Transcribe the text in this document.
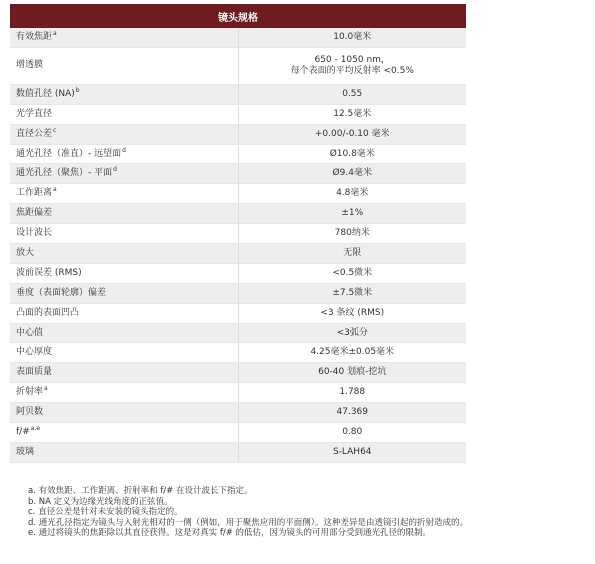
镜头规格	
有效焦距$^a$	10.0毫米

增透膜	650 - 1050 nm，
每个表面的平均反射率 <0.5%

数值孔径 (NA)$^b$	0.55

光学直径	12.5毫米

直径公差$^c$	+0.00/-0.10 毫米

通光孔径（准直）- 远望面$^d$	Ø10.8毫米

通光孔径（聚焦）- 平面$^d$	Ø9.4毫米

工作距离$^a$	4.8毫米

焦距偏差	±1%

设计波长	780纳米

放大	无限

波前误差 (RMS)	<0.5微米

垂度（表面轮廓）偏差	±7.5微米

凸面的表面凹凸	<3 条纹 (RMS)

中心值	<3弧分

中心厚度	4.25毫米±0.05毫米

表面质量	60-40 划痕-挖坑

折射率$^a$	1.788

阿贝数	47.369

f/#$^{a,e}$	0.80

玻璃	S-LAH64
a. 有效焦距、工作距离、折射率和 f/# 在设计波长下指定。
b. NA 定义为边缘光线角度的正弦值。
c. 直径公差是针对未安装的镜头指定的。
d. 通光孔径指定为镜头与入射光相对的一侧（例如，用于聚焦应用的平面侧）。这种差异是由透镜引起的折射造成的。
e. 通过将镜头的焦距除以其直径获得。这是对真实 f/# 的低估，因为镜头的可用部分受到通光孔径的限制。
